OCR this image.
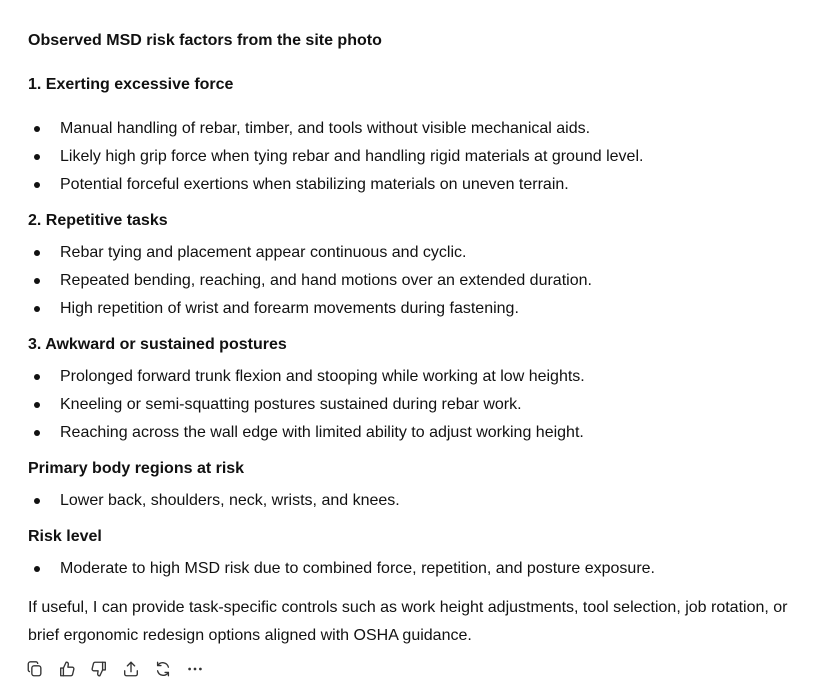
Observed MSD risk factors from the site photo
1. Exerting excessive force
Manual handling of rebar, timber, and tools without visible mechanical aids.
Likely high grip force when tying rebar and handling rigid materials at ground level.
Potential forceful exertions when stabilizing materials on uneven terrain.
2. Repetitive tasks
Rebar tying and placement appear continuous and cyclic.
Repeated bending, reaching, and hand motions over an extended duration.
High repetition of wrist and forearm movements during fastening.
3. Awkward or sustained postures
Prolonged forward trunk flexion and stooping while working at low heights.
Kneeling or semi-squatting postures sustained during rebar work.
Reaching across the wall edge with limited ability to adjust working height.
Primary body regions at risk
Lower back, shoulders, neck, wrists, and knees.
Risk level
Moderate to high MSD risk due to combined force, repetition, and posture exposure.
If useful, I can provide task-specific controls such as work height adjustments, tool selection, job rotation, or brief ergonomic redesign options aligned with OSHA guidance.
